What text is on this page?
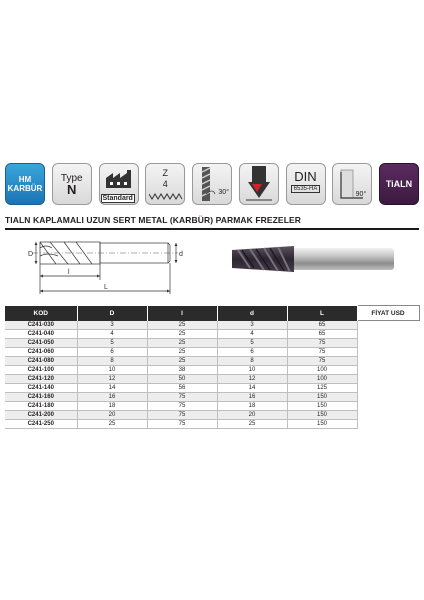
HM
KARBÜR
Type
N
Standard
Z
4
30°
DIN
6535-HA
90°
TiALN
TIALN KAPLAMALI UZUN SERT METAL (KARBÜR) PARMAK FREZELER
D	d
l
L
KOD	D	l	d	L	FİYAT USD
C241-030	3	25	3	65	
C241-040	4	25	4	65	
C241-050	5	25	5	75	
C241-060	6	25	6	75	
C241-080	8	25	8	75	
C241-100	10	38	10	100	
C241-120	12	50	12	100	
C241-140	14	56	14	125	
C241-160	16	75	16	150	
C241-180	18	75	18	150	
C241-200	20	75	20	150	
C241-250	25	75	25	150	
